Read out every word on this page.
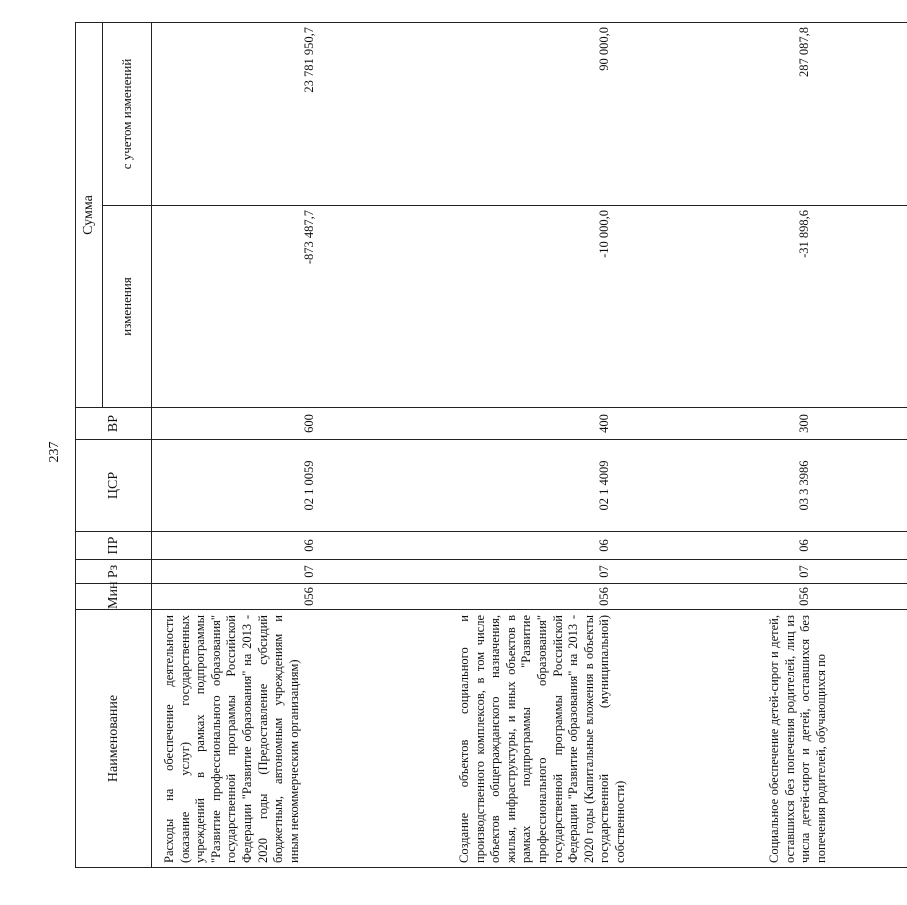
237
Наименование	Мин	Рз	ПР	ЦСР	ВР	Сумма	
						изменения	с учетом изменений
Расходы на обеспечение деятельности (оказание услуг) государственных учреждений в рамках подпрограммы "Развитие профессионального образования" государственной программы Российской Федерации "Развитие образования" на 2013 - 2020 годы (Предоставление субсидий бюджетным, автономным учреждениям и иным некоммерческим организациям)	056	07	06	02 1 0059	600	-873 487,7	23 781 950,7
Создание объектов социального и производственного комплексов, в том числе объектов общегражданского назначения, жилья, инфраструктуры, и иных объектов в рамках подпрограммы "Развитие профессионального образования" государственной программы Российской Федерации "Развитие образования" на 2013 - 2020 годы (Капитальные вложения в объекты государственной (муниципальной) собственности)	056	07	06	02 1 4009	400	-10 000,0	90 000,0
Социальное обеспечение детей-сирот и детей, оставшихся без попечения родителей, лиц из числа детей-сирот и детей, оставшихся без попечения родителей, обучающихся по	056	07	06	03 3 3986	300	-31 898,6	287 087,8
